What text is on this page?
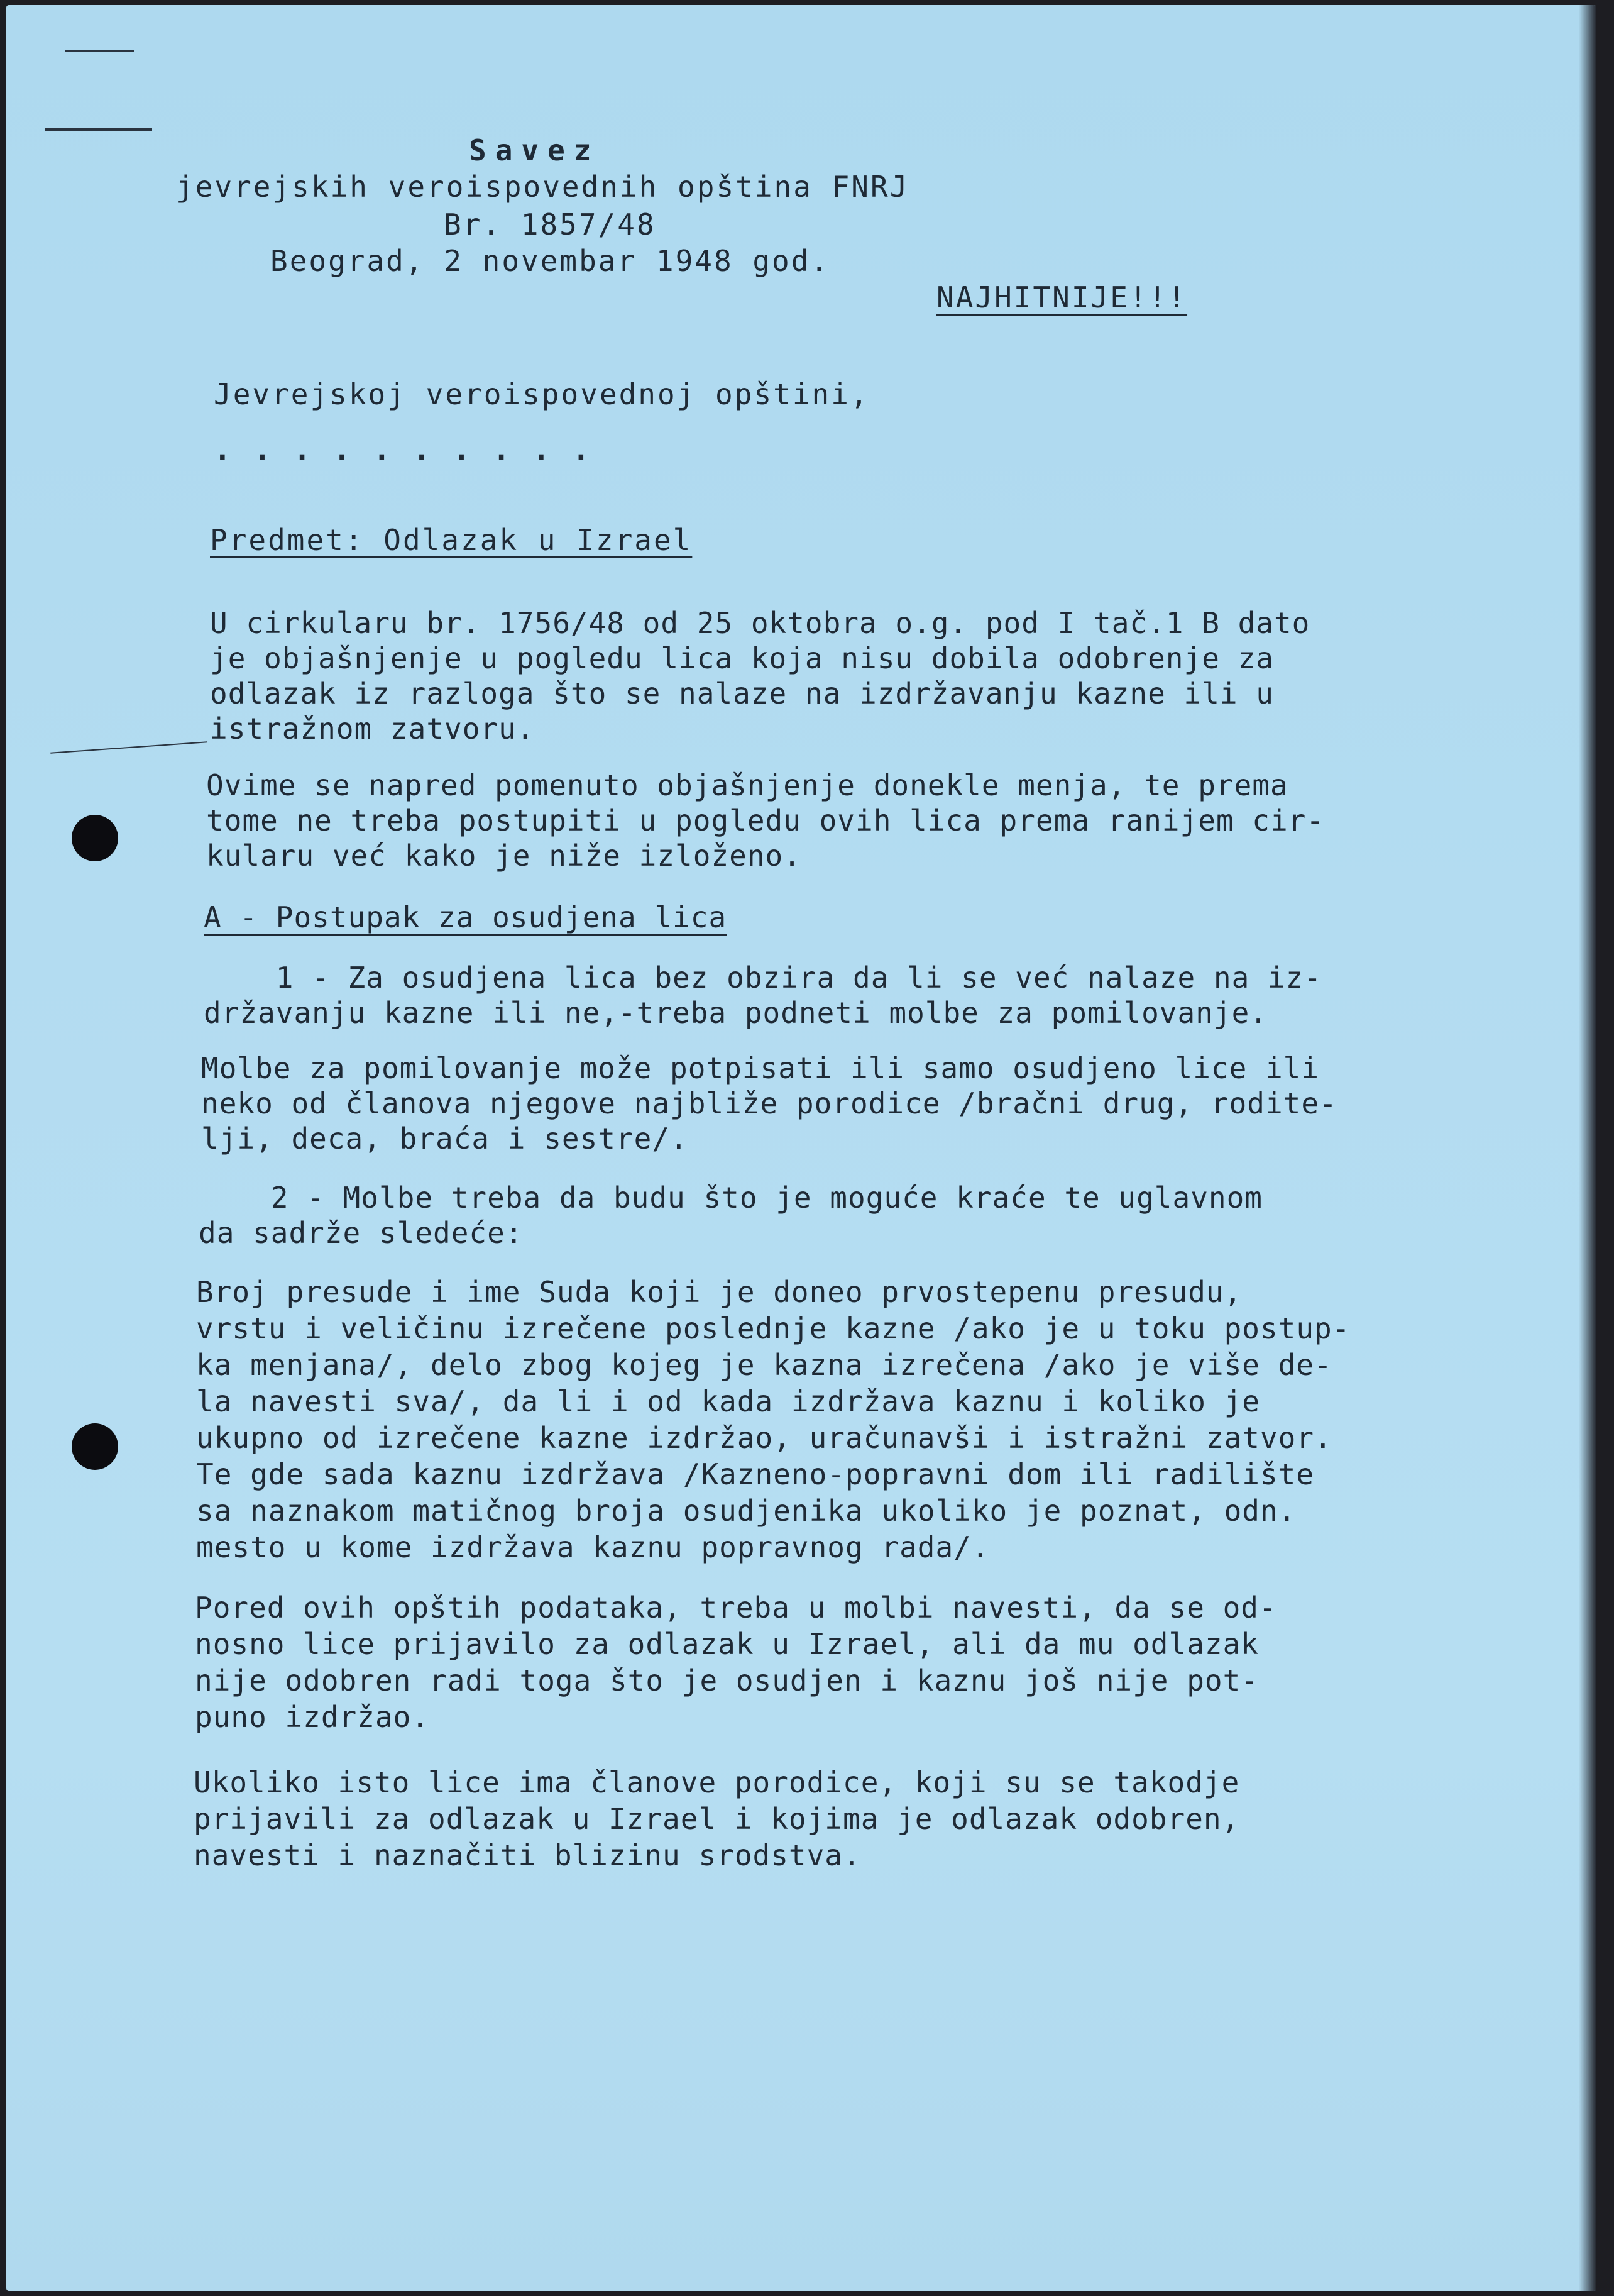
Savez
jevrejskih veroispovednih opština FNRJ
Br. 1857/48
Beograd, 2 novembar 1948 god.
NAJHITNIJE!!!
Jevrejskoj veroispovednoj opštini,
. . . . . . . . . .
Predmet: Odlazak u Izrael
U cirkularu br. 1756/48 od 25 oktobra o.g. pod I tač.1 B dato
je objašnjenje u pogledu lica koja nisu dobila odobrenje za
odlazak iz razloga što se nalaze na izdržavanju kazne ili u
istražnom zatvoru.
Ovime se napred pomenuto objašnjenje donekle menja, te prema
tome ne treba postupiti u pogledu ovih lica prema ranijem cir-
kularu već kako je niže izloženo.
A - Postupak za osudjena lica
1 - Za osudjena lica bez obzira da li se već nalaze na iz-
državanju kazne ili ne,-treba podneti molbe za pomilovanje.
Molbe za pomilovanje može potpisati ili samo osudjeno lice ili
neko od članova njegove najbliže porodice /bračni drug, rodite-
lji, deca, braća i sestre/.
2 - Molbe treba da budu što je moguće kraće te uglavnom
da sadrže sledeće:
Broj presude i ime Suda koji je doneo prvostepenu presudu,
vrstu i veličinu izrečene poslednje kazne /ako je u toku postup-
ka menjana/, delo zbog kojeg je kazna izrečena /ako je više de-
la navesti sva/, da li i od kada izdržava kaznu i koliko je
ukupno od izrečene kazne izdržao, uračunavši i istražni zatvor.
Te gde sada kaznu izdržava /Kazneno-popravni dom ili radilište
sa naznakom matičnog broja osudjenika ukoliko je poznat, odn.
mesto u kome izdržava kaznu popravnog rada/.
Pored ovih opštih podataka, treba u molbi navesti, da se od-
nosno lice prijavilo za odlazak u Izrael, ali da mu odlazak
nije odobren radi toga što je osudjen i kaznu još nije pot-
puno izdržao.
Ukoliko isto lice ima članove porodice, koji su se takodje
prijavili za odlazak u Izrael i kojima je odlazak odobren,
navesti i naznačiti blizinu srodstva.
